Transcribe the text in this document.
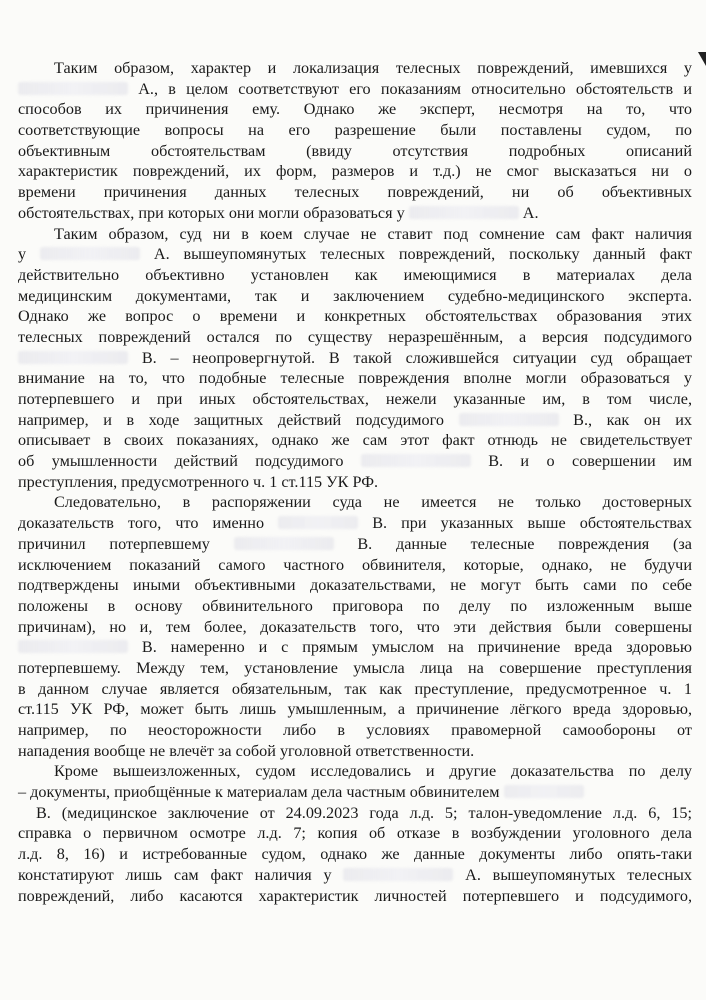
Таким образом, характер и локализация телесных повреждений, имевшихся у
А., в целом соответствуют его показаниям относительно обстоятельств и
способов их причинения ему. Однако же эксперт, несмотря на то, что
соответствующие вопросы на его разрешение были поставлены судом, по
объективным обстоятельствам (ввиду отсутствия подробных описаний
характеристик повреждений, их форм, размеров и т.д.) не смог высказаться ни о
времени причинения данных телесных повреждений, ни об объективных
обстоятельствах, при которых они могли образоваться у	А.
Таким образом, суд ни в коем случае не ставит под сомнение сам факт наличия
у	А. вышеупомянутых телесных повреждений, поскольку данный факт
действительно объективно установлен как имеющимися в материалах дела
медицинским документами, так и заключением судебно-медицинского эксперта.
Однако же вопрос о времени и конкретных обстоятельствах образования этих
телесных повреждений остался по существу неразрешённым, а версия подсудимого
В. – неопровергнутой. В такой сложившейся ситуации суд обращает
внимание на то, что подобные телесные повреждения вполне могли образоваться у
потерпевшего и при иных обстоятельствах, нежели указанные им, в том числе,
например, и в ходе защитных действий подсудимого	В., как он их
описывает в своих показаниях, однако же сам этот факт отнюдь не свидетельствует
об умышленности действий подсудимого	В. и о совершении им
преступления, предусмотренного ч. 1 ст.115 УК РФ.
Следовательно, в распоряжении суда не имеется не только достоверных
доказательств того, что именно	В. при указанных выше обстоятельствах
причинил потерпевшему	В. данные телесные повреждения (за
исключением показаний самого частного обвинителя, которые, однако, не будучи
подтверждены иными объективными доказательствами, не могут быть сами по себе
положены в основу обвинительного приговора по делу по изложенным выше
причинам), но и, тем более, доказательств того, что эти действия были совершены
В. намеренно и с прямым умыслом на причинение вреда здоровью
потерпевшему. Между тем, установление умысла лица на совершение преступления
в данном случае является обязательным, так как преступление, предусмотренное ч. 1
ст.115 УК РФ, может быть лишь умышленным, а причинение лёгкого вреда здоровью,
например, по неосторожности либо в условиях правомерной самообороны от
нападения вообще не влечёт за собой уголовной ответственности.
Кроме вышеизложенных, судом исследовались и другие доказательства по делу
– документы, приобщённые к материалам дела частным обвинителем
В. (медицинское заключение от 24.09.2023 года л.д. 5; талон-уведомление л.д. 6, 15;
справка о первичном осмотре л.д. 7; копия об отказе в возбуждении уголовного дела
л.д. 8, 16) и истребованные судом, однако же данные документы либо опять-таки
констатируют лишь сам факт наличия у	А. вышеупомянутых телесных
повреждений, либо касаются характеристик личностей потерпевшего и подсудимого,
